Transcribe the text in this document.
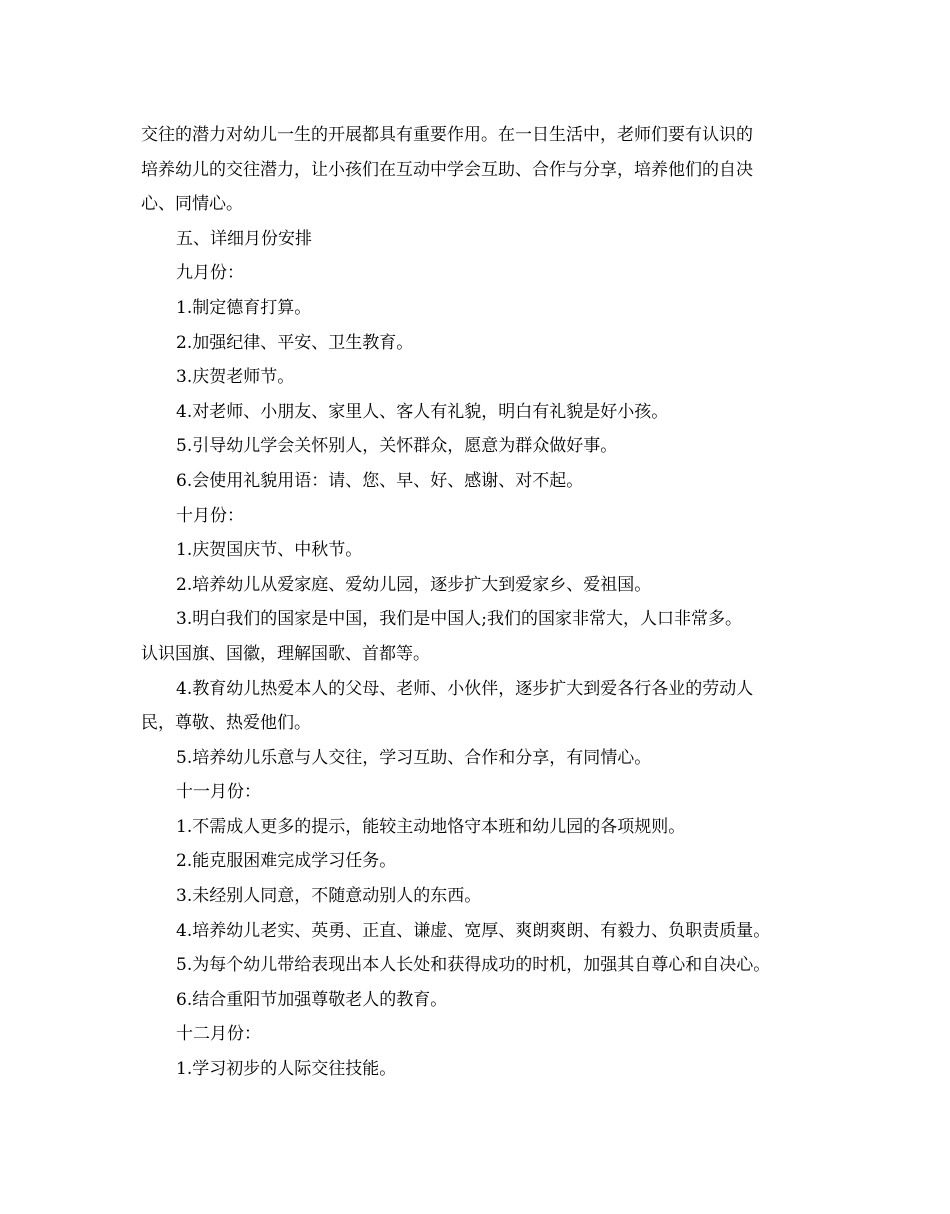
交往的潜力对幼儿一生的开展都具有重要作用。在一日生活中，老师们要有认识的

培养幼儿的交往潜力，让小孩们在互动中学会互助、合作与分享，培养他们的自决

心、同情心。

五、详细月份安排

九月份：

1.制定德育打算。

2.加强纪律、平安、卫生教育。

3.庆贺老师节。

4.对老师、小朋友、家里人、客人有礼貌，明白有礼貌是好小孩。

5.引导幼儿学会关怀别人，关怀群众，愿意为群众做好事。

6.会使用礼貌用语：请、您、早、好、感谢、对不起。

十月份：

1.庆贺国庆节、中秋节。

2.培养幼儿从爱家庭、爱幼儿园，逐步扩大到爱家乡、爱祖国。

3.明白我们的国家是中国，我们是中国人;我们的国家非常大，人口非常多。

认识国旗、国徽，理解国歌、首都等。

4.教育幼儿热爱本人的父母、老师、小伙伴，逐步扩大到爱各行各业的劳动人

民，尊敬、热爱他们。

5.培养幼儿乐意与人交往，学习互助、合作和分享，有同情心。

十一月份：

1.不需成人更多的提示，能较主动地恪守本班和幼儿园的各项规则。

2.能克服困难完成学习任务。

3.未经别人同意，不随意动别人的东西。

4.培养幼儿老实、英勇、正直、谦虚、宽厚、爽朗爽朗、有毅力、负职责质量。

5.为每个幼儿带给表现出本人长处和获得成功的时机，加强其自尊心和自决心。

6.结合重阳节加强尊敬老人的教育。

十二月份：

1.学习初步的人际交往技能。
